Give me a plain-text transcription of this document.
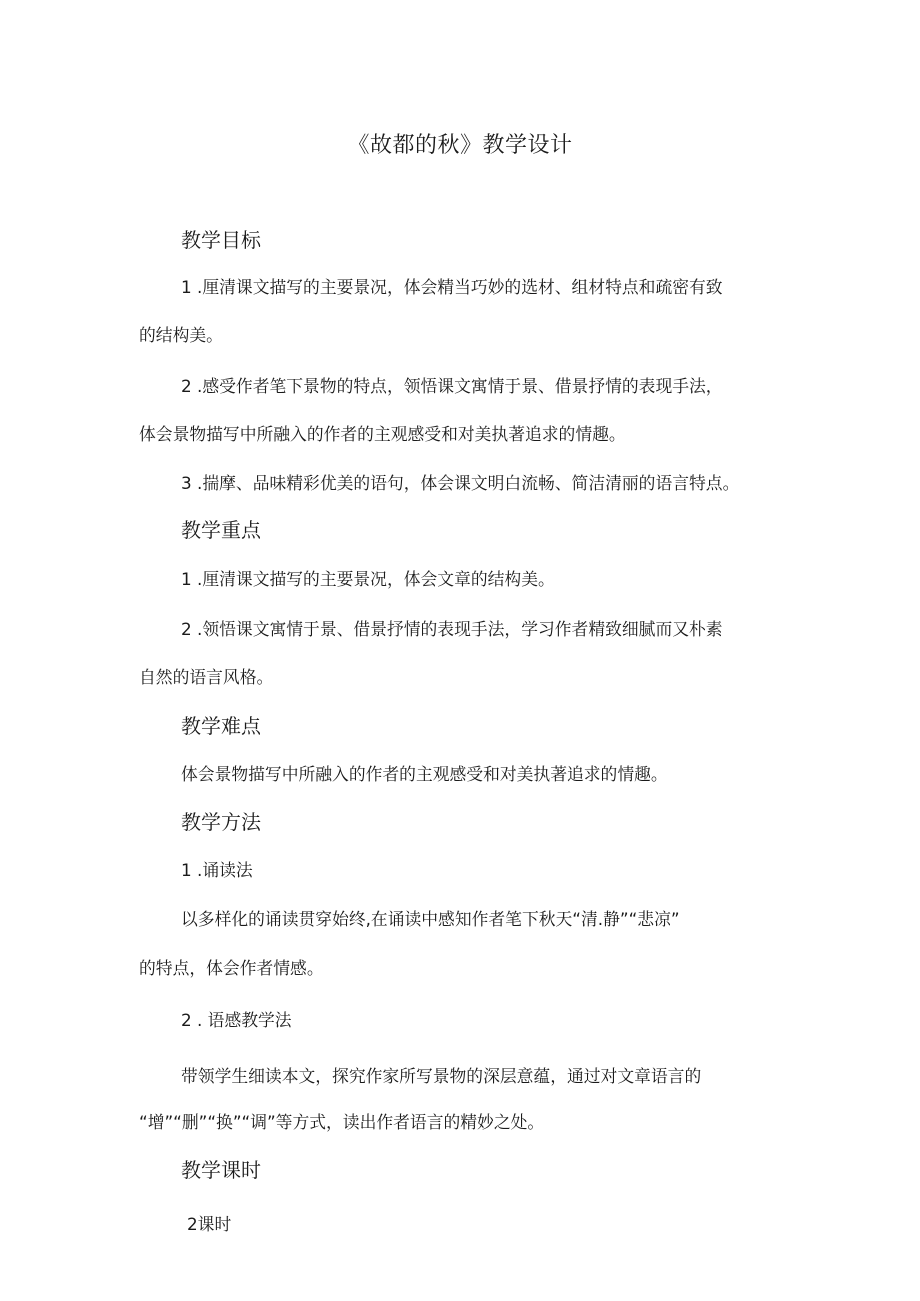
《故都的秋》教学设计
教学目标
1 .厘清课文描写的主要景况，体会精当巧妙的选材、组材特点和疏密有致
的结构美。
2 .感受作者笔下景物的特点，领悟课文寓情于景、借景抒情的表现手法，
体会景物描写中所融入的作者的主观感受和对美执著追求的情趣。
3 .揣摩、品味精彩优美的语句，体会课文明白流畅、简洁清丽的语言特点。
教学重点
1 .厘清课文描写的主要景况，体会文章的结构美。
2 .领悟课文寓情于景、借景抒情的表现手法，学习作者精致细腻而又朴素
自然的语言风格。
教学难点
体会景物描写中所融入的作者的主观感受和对美执著追求的情趣。
教学方法
1 .诵读法
以多样化的诵读贯穿始终,在诵读中感知作者笔下秋天“清.静”“悲凉”
的特点，体会作者情感。
2 . 语感教学法
带领学生细读本文，探究作家所写景物的深层意蕴，通过对文章语言的
“增”“删”“换”“调”等方式，读出作者语言的精妙之处。
教学课时
2课时
